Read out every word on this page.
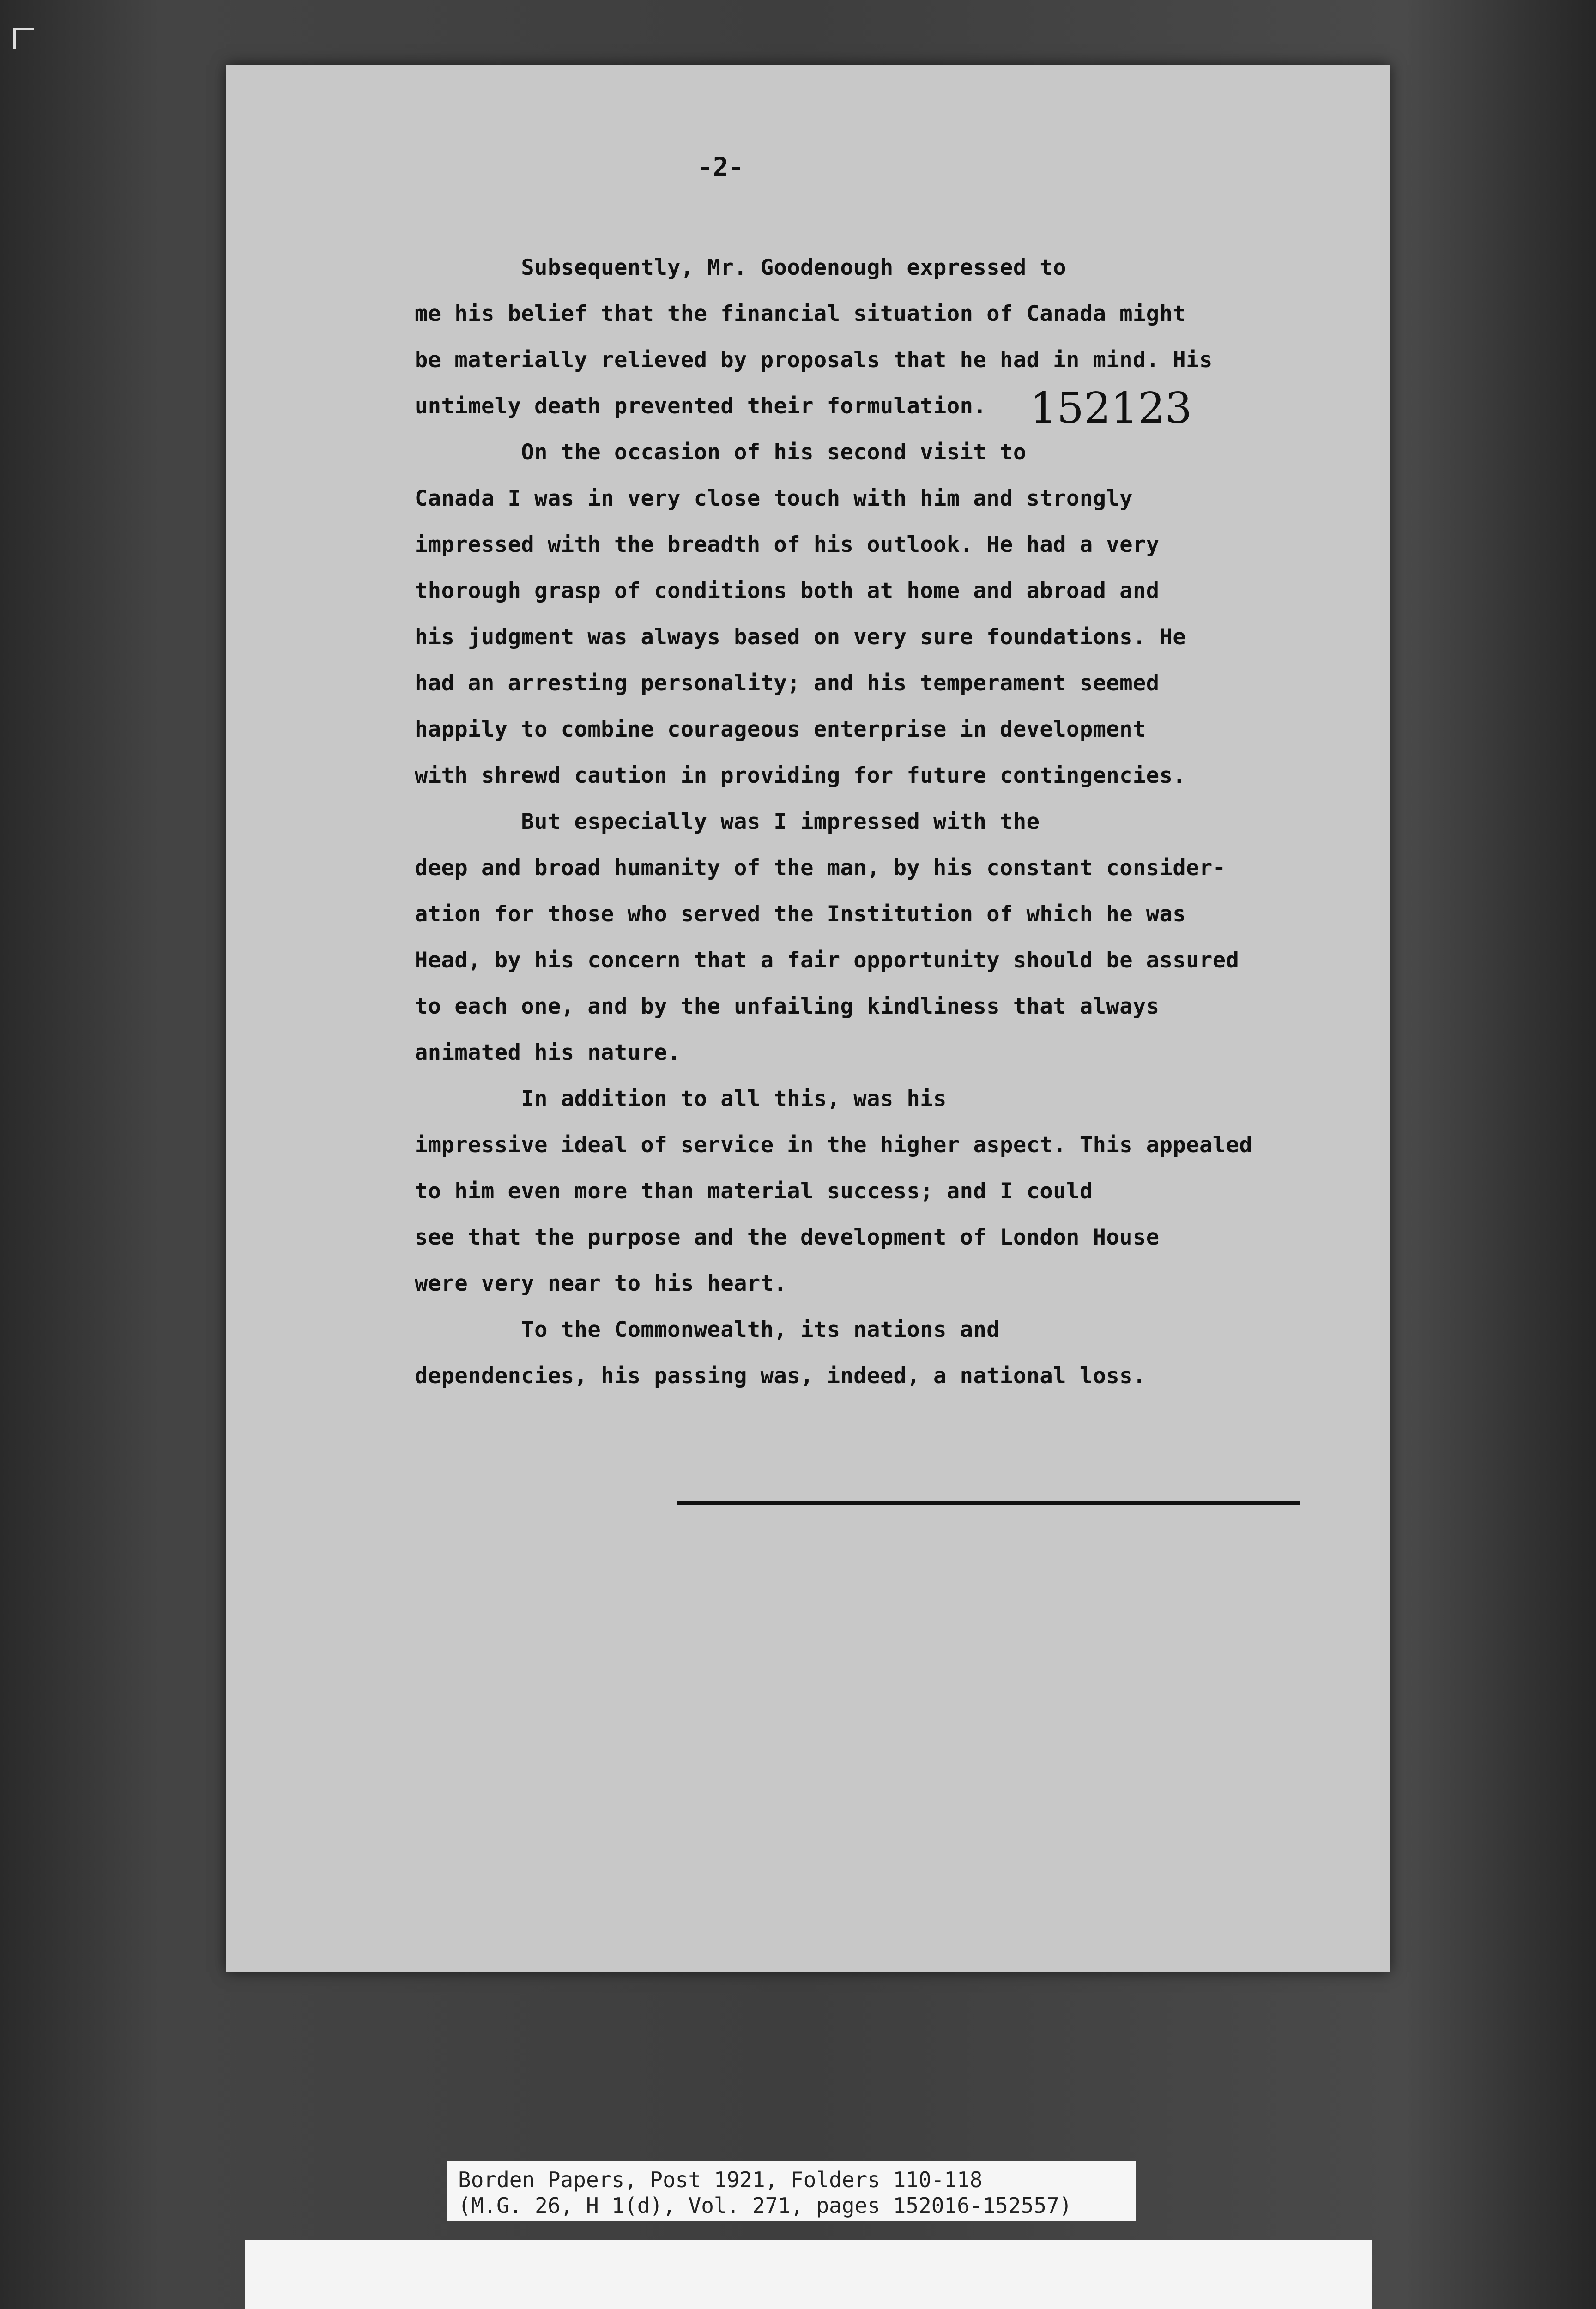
-2-
152123

Subsequently, Mr. Goodenough expressed to

me his belief that the financial situation of Canada might

be materially relieved by proposals that he had in mind. His

untimely death prevented their formulation.

On the occasion of his second visit to

Canada I was in very close touch with him and strongly

impressed with the breadth of his outlook. He had a very

thorough grasp of conditions both at home and abroad and

his judgment was always based on very sure foundations. He

had an arresting personality; and his temperament seemed

happily to combine courageous enterprise in development

with shrewd caution in providing for future contingencies.

But especially was I impressed with the

deep and broad humanity of the man, by his constant consider-

ation for those who served the Institution of which he was

Head, by his concern that a fair opportunity should be assured

to each one, and by the unfailing kindliness that always

animated his nature.

In addition to all this, was his

impressive ideal of service in the higher aspect. This appealed

to him even more than material success; and I could

see that the purpose and the development of London House

were very near to his heart.

To the Commonwealth, its nations and

dependencies, his passing was, indeed, a national loss.

Borden Papers, Post 1921, Folders 110-118
(M.G. 26, H 1(d), Vol. 271, pages 152016-152557)
